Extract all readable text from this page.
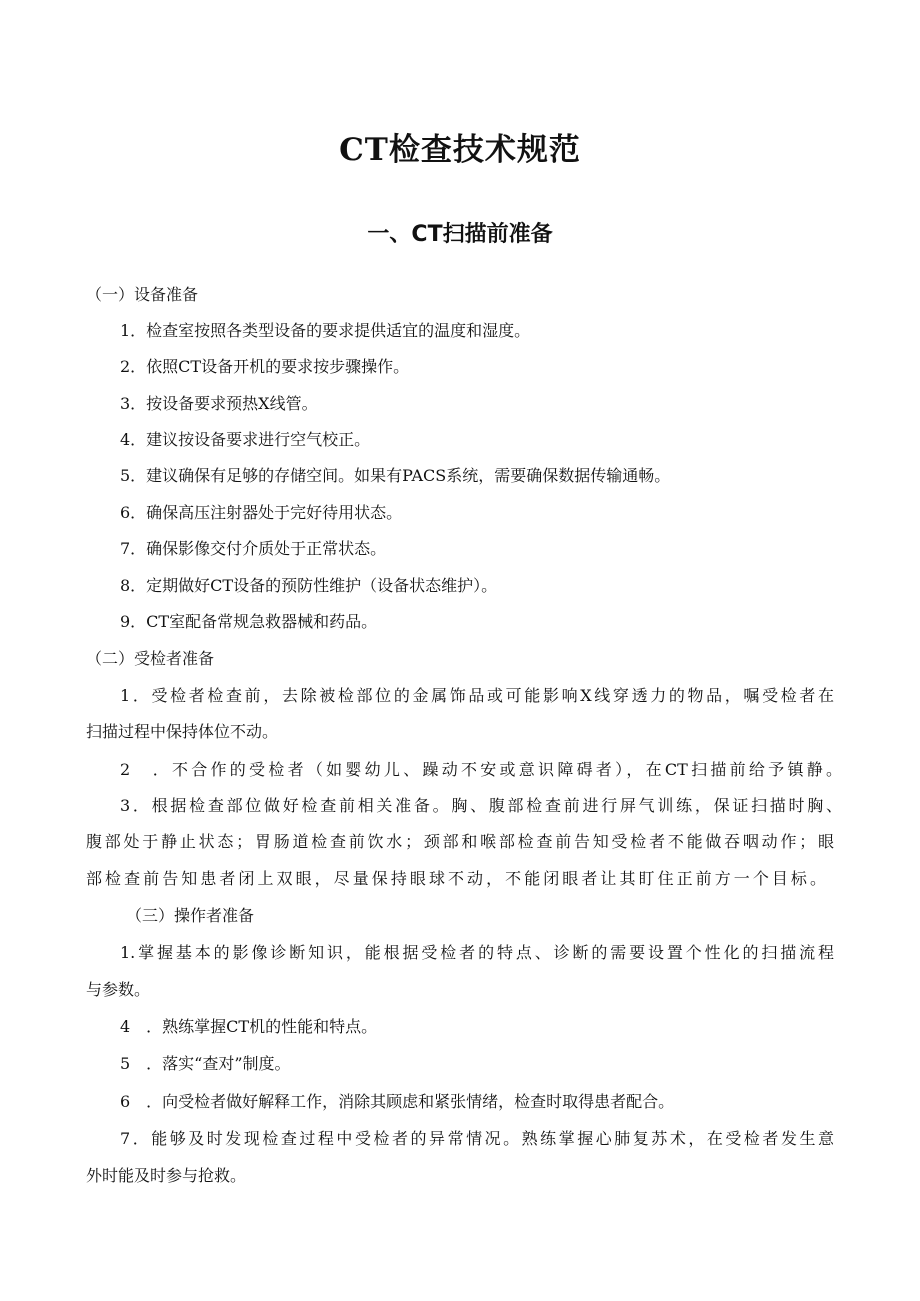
CT检查技术规范
一、CT扫描前准备
（一）设备准备
1．检查室按照各类型设备的要求提供适宜的温度和湿度。
2．依照CT设备开机的要求按步骤操作。
3．按设备要求预热X线管。
4．建议按设备要求进行空气校正。
5．建议确保有足够的存储空间。如果有PACS系统，需要确保数据传输通畅。
6．确保高压注射器处于完好待用状态。
7．确保影像交付介质处于正常状态。
8．定期做好CT设备的预防性维护（设备状态维护）。
9．CT室配备常规急救器械和药品。
（二）受检者准备
1．受检者检查前，去除被检部位的金属饰品或可能影响X线穿透力的物品，嘱受检者在
扫描过程中保持体位不动。
2　．不合作的受检者（如婴幼儿、躁动不安或意识障碍者），在CT扫描前给予镇静。
3．根据检查部位做好检查前相关准备。胸、腹部检查前进行屏气训练，保证扫描时胸、
腹部处于静止状态；胃肠道检查前饮水；颈部和喉部检查前告知受检者不能做吞咽动作；眼
部检查前告知患者闭上双眼，尽量保持眼球不动，不能闭眼者让其盯住正前方一个目标。
（三）操作者准备
1.掌握基本的影像诊断知识，能根据受检者的特点、诊断的需要设置个性化的扫描流程
与参数。
4　．熟练掌握CT机的性能和特点。
5　．落实“查对”制度。
6　．向受检者做好解释工作，消除其顾虑和紧张情绪，检查时取得患者配合。
7．能够及时发现检查过程中受检者的异常情况。熟练掌握心肺复苏术，在受检者发生意
外时能及时参与抢救。
